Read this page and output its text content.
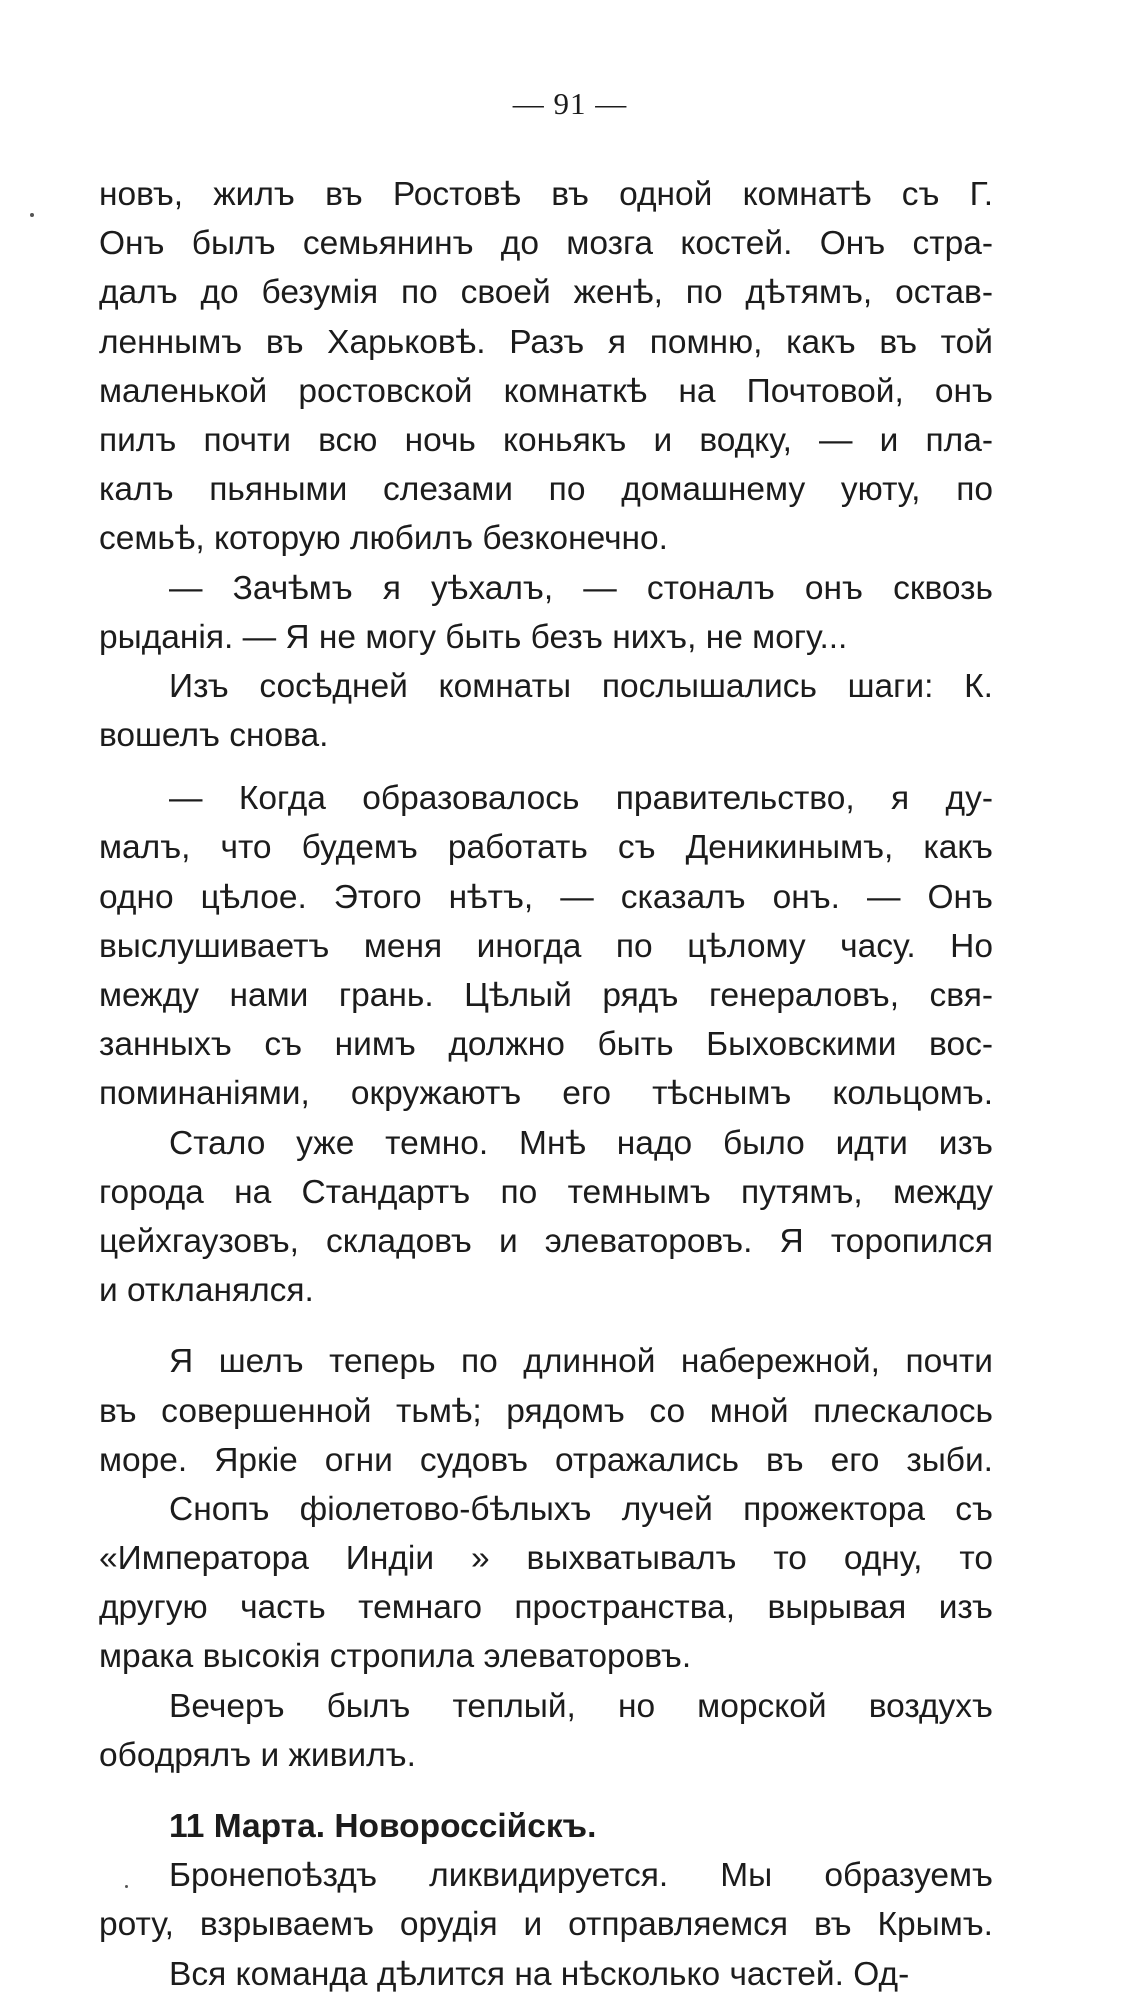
— 91 —
новъ, жилъ въ Ростовѣ въ одной комнатѣ съ Г.
Онъ былъ семьянинъ до мозга костей. Онъ стра-
далъ до безумія по своей женѣ, по дѣтямъ, остав-
леннымъ въ Харьковѣ. Разъ я помню, какъ въ той
маленькой ростовской комнаткѣ на Почтовой, онъ
пилъ почти всю ночь коньякъ и водку, — и пла-
калъ пьяными слезами по домашнему уюту, по
семьѣ, которую любилъ безконечно.
— Зачѣмъ я уѣхалъ, — стоналъ онъ сквозь
рыданія. — Я не могу быть безъ нихъ, не могу...
Изъ сосѣдней комнаты послышались шаги: К.
вошелъ снова.
— Когда образовалось правительство, я ду-
малъ, что будемъ работать съ Деникинымъ, какъ
одно цѣлое. Этого нѣтъ, — сказалъ онъ. — Онъ
выслушиваетъ меня иногда по цѣлому часу. Но
между нами грань. Цѣлый рядъ генераловъ, свя-
занныхъ съ нимъ должно быть Быховскими вос-
поминаніями, окружаютъ его тѣснымъ кольцомъ.
Стало уже темно. Мнѣ надо было идти изъ
города на Стандартъ по темнымъ путямъ, между
цейхгаузовъ, складовъ и элеваторовъ. Я торопился
и откланялся.
Я шелъ теперь по длинной набережной, почти
въ совершенной тьмѣ; рядомъ со мной плескалось
море. Яркіе огни судовъ отражались въ его зыби.
Снопъ фіолетово-бѣлыхъ лучей прожектора съ
«Императора Индіи » выхватывалъ то одну, то
другую часть темнаго пространства, вырывая изъ
мрака высокія стропила элеваторовъ.
Вечеръ былъ теплый, но морской воздухъ
ободрялъ и живилъ.
11 Марта. Новороссійскъ.
Бронепоѣздъ ликвидируется. Мы образуемъ
роту, взрываемъ орудія и отправляемся въ Крымъ.
Вся команда дѣлится на нѣсколько частей. Од-
